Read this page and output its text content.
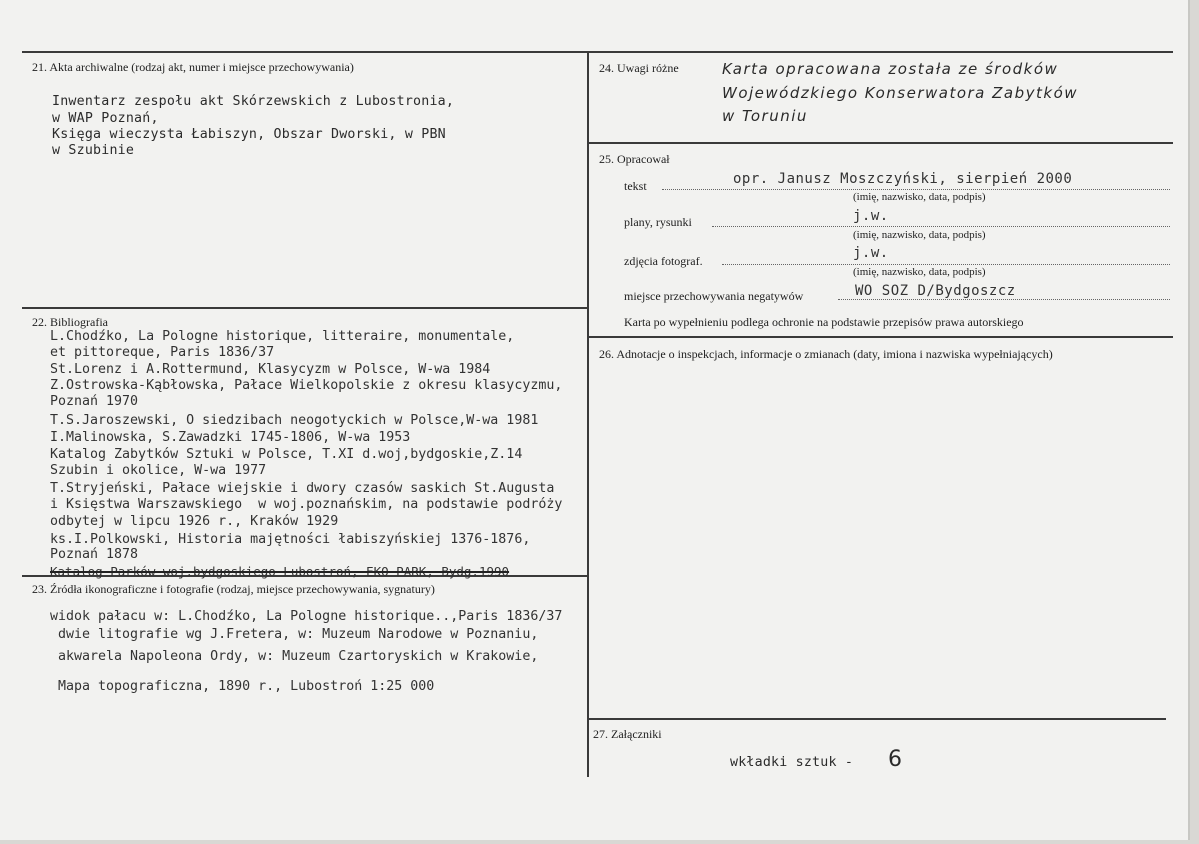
21. Akta archiwalne (rodzaj akt, numer i miejsce przechowywania)
Inwentarz zespołu akt Skórzewskich z Lubostronia,
w WAP Poznań,
Księga wieczysta Łabiszyn, Obszar Dworski, w PBN
w Szubinie
22. Bibliografia
L.Chodźko, La Pologne historique, litteraire, monumentale,
et pittoreque, Paris 1836/37
St.Lorenz i A.Rottermund, Klasycyzm w Polsce, W-wa 1984
Z.Ostrowska-Kąbłowska, Pałace Wielkopolskie z okresu klasycyzmu,
Poznań 1970
T.S.Jaroszewski, O siedzibach neogotyckich w Polsce,W-wa 1981
I.Malinowska, S.Zawadzki 1745-1806, W-wa 1953
Katalog Zabytków Sztuki w Polsce, T.XI d.woj,bydgoskie,Z.14
Szubin i okolice, W-wa 1977
T.Stryjeński, Pałace wiejskie i dwory czasów saskich St.Augusta
i Księstwa Warszawskiego  w woj.poznańskim, na podstawie podróży
odbytej w lipcu 1926 r., Kraków 1929
ks.I.Polkowski, Historia majętności łabiszyńskiej 1376-1876,
Poznań 1878
Katalog Parków woj.bydgoskiego Lubostroń, EKO-PARK, Bydg.1990
23. Źródła ikonograficzne i fotografie (rodzaj, miejsce przechowywania, sygnatury)
widok pałacu w: L.Chodźko, La Pologne historique..,Paris 1836/37
dwie litografie wg J.Fretera, w: Muzeum Narodowe w Poznaniu,
akwarela Napoleona Ordy, w: Muzeum Czartoryskich w Krakowie,
Mapa topograficzna, 1890 r., Lubostroń 1:25 000
24. Uwagi różne	Karta opracowana została ze środków
Wojewódzkiego Konserwatora Zabytków
w Toruniu
25. Opracował
tekst	opr. Janusz Moszczyński, sierpień 2000
(imię, nazwisko, data, podpis)
plany, rysunki	j.w.
(imię, nazwisko, data, podpis)
zdjęcia fotograf.	j.w.
(imię, nazwisko, data, podpis)
miejsce przechowywania negatywów	WO SOZ D/Bydgoszcz
Karta po wypełnieniu podlega ochronie na podstawie przepisów prawa autorskiego
26. Adnotacje o inspekcjach, informacje o zmianach (daty, imiona i nazwiska wypełniających)
27. Załączniki
wkładki sztuk - 6
